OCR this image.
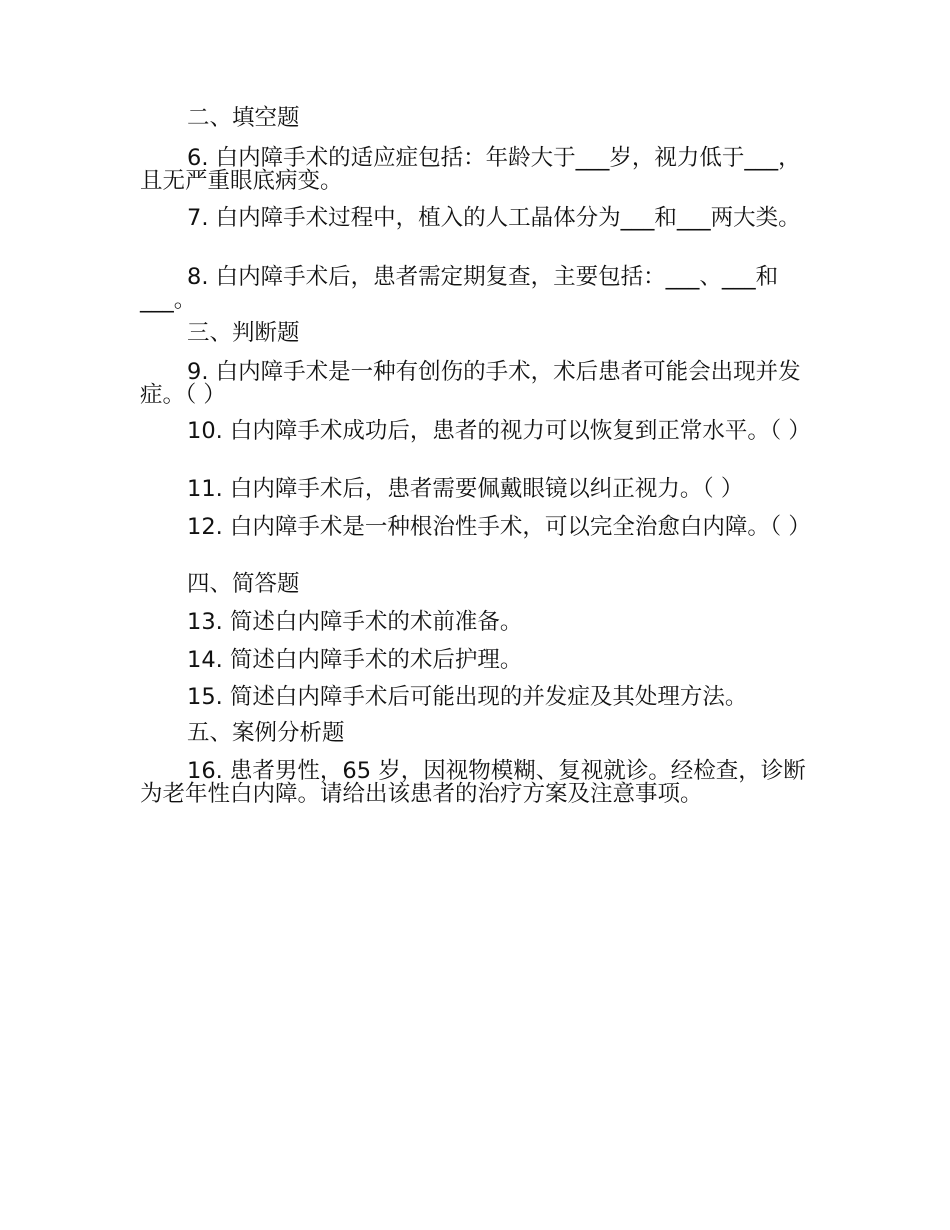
二、填空题
6. 白内障手术的适应症包括：年龄大于___岁，视力低于___，且无严重眼底病变。
7. 白内障手术过程中，植入的人工晶体分为___和___两大类。
8. 白内障手术后，患者需定期复查，主要包括：___、___和___。
三、判断题
9. 白内障手术是一种有创伤的手术，术后患者可能会出现并发症。（ ）
10. 白内障手术成功后，患者的视力可以恢复到正常水平。（ ）
11. 白内障手术后，患者需要佩戴眼镜以纠正视力。（ ）
12. 白内障手术是一种根治性手术，可以完全治愈白内障。（ ）
四、简答题
13. 简述白内障手术的术前准备。
14. 简述白内障手术的术后护理。
15. 简述白内障手术后可能出现的并发症及其处理方法。
五、案例分析题
16. 患者男性，65 岁，因视物模糊、复视就诊。经检查，诊断为老年性白内障。请给出该患者的治疗方案及注意事项。
